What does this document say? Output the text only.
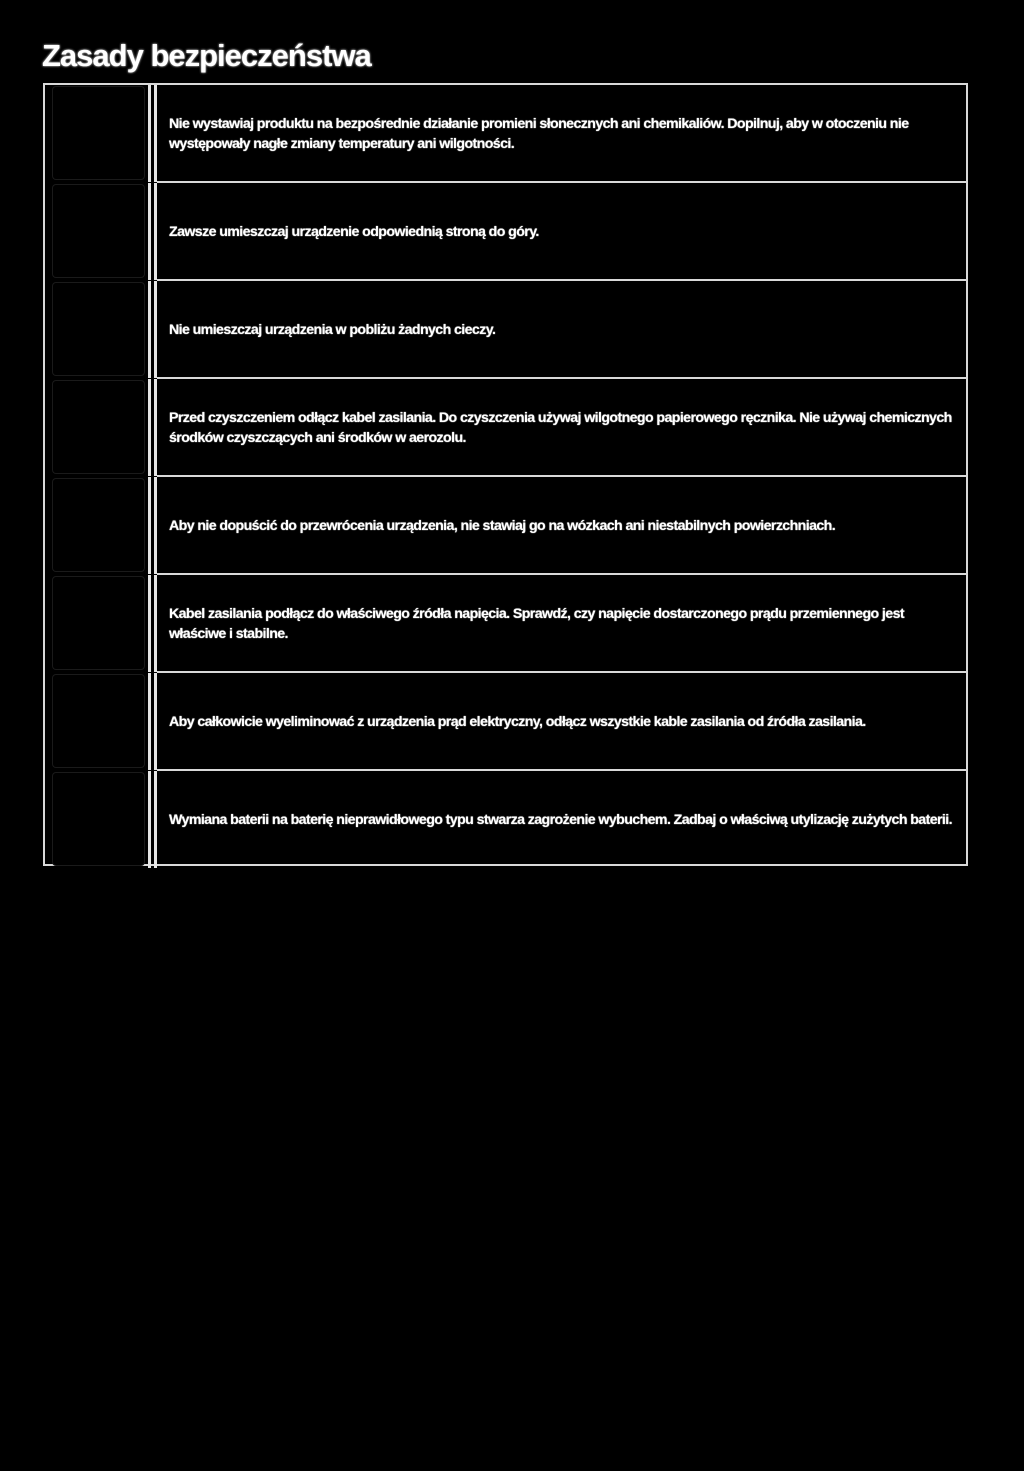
Zasady bezpieczeństwa
Nie wystawiaj produktu na bezpośrednie działanie promieni słonecznych ani chemikaliów. Dopilnuj, aby w otoczeniu nie występowały nagłe zmiany temperatury ani wilgotności.
Zawsze umieszczaj urządzenie odpowiednią stroną do góry.
Nie umieszczaj urządzenia w pobliżu żadnych cieczy.
Przed czyszczeniem odłącz kabel zasilania. Do czyszczenia używaj wilgotnego papierowego ręcznika. Nie używaj chemicznych środków czyszczących ani środków w aerozolu.
Aby nie dopuścić do przewrócenia urządzenia, nie stawiaj go na wózkach ani niestabilnych powierzchniach.
Kabel zasilania podłącz do właściwego źródła napięcia. Sprawdź, czy napięcie dostarczonego prądu przemiennego jest właściwe i stabilne.
Aby całkowicie wyeliminować z urządzenia prąd elektryczny, odłącz wszystkie kable zasilania od źródła zasilania.
Wymiana baterii na baterię nieprawidłowego typu stwarza zagrożenie wybuchem. Zadbaj o właściwą utylizację zużytych baterii.
